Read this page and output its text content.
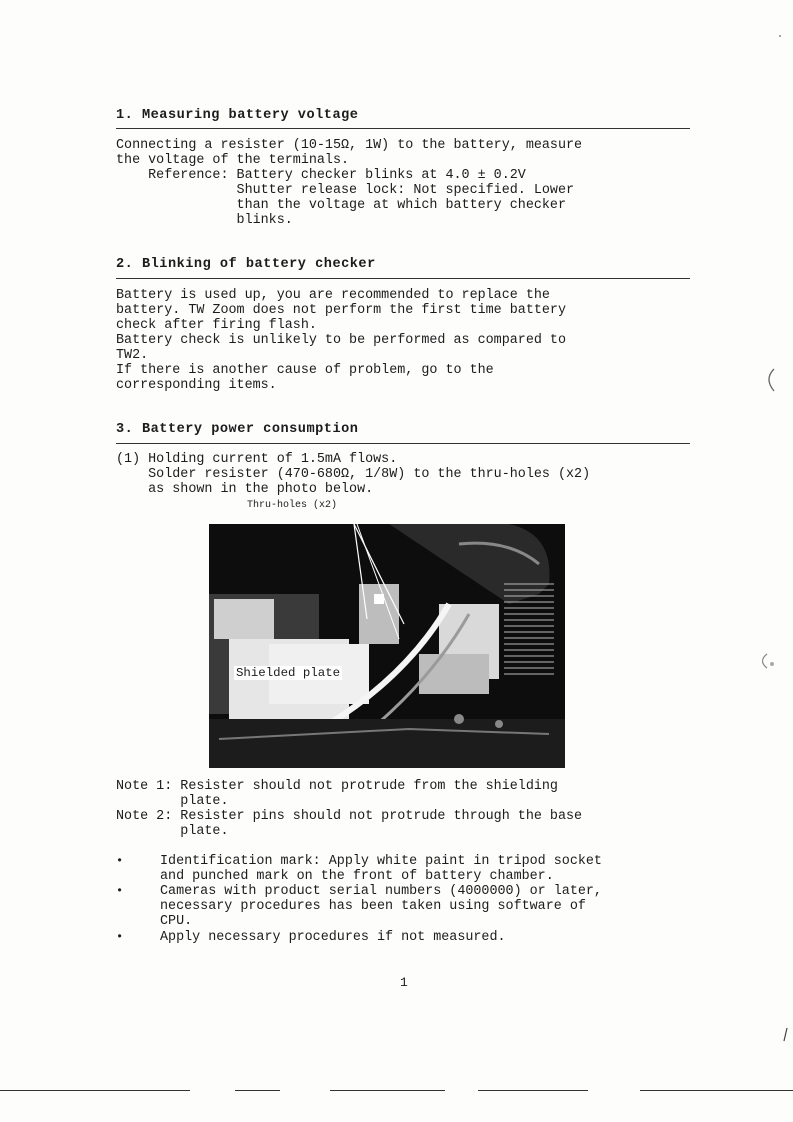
1. Measuring battery voltage
Connecting a resister (10-15Ω, 1W) to the battery, measure
the voltage of the terminals.
Reference: Battery checker blinks at 4.0 ± 0.2V
Shutter release lock: Not specified. Lower
than the voltage at which battery checker
blinks.
2. Blinking of battery checker
Battery is used up, you are recommended to replace the
battery. TW Zoom does not perform the first time battery
check after firing flash.
Battery check is unlikely to be performed as compared to
TW2.
If there is another cause of problem, go to the
corresponding items.
3. Battery power consumption
(1) Holding current of 1.5mA flows.
Solder resister (470-680Ω, 1/8W) to the thru-holes (x2)
as shown in the photo below.
Thru-holes (x2)
Shielded plate
Note 1: Resister should not protrude from the shielding
plate.
Note 2: Resister pins should not protrude through the base
plate.
•	Identification mark: Apply white paint in tripod socket
and punched mark on the front of battery chamber.
•	Cameras with product serial numbers (4000000) or later,
necessary procedures has been taken using software of
CPU.
•	Apply necessary procedures if not measured.
1
